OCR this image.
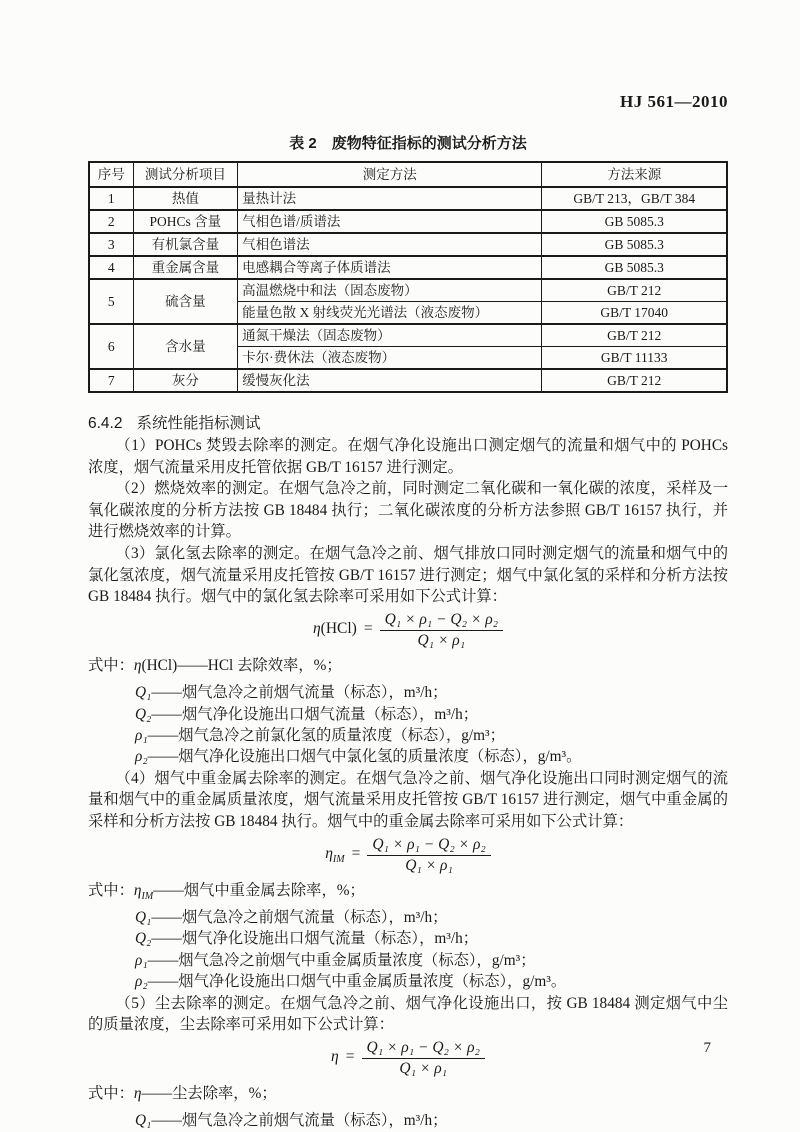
HJ 561—2010
表 2　废物特征指标的测试分析方法
序号	测试分析项目	测定方法	方法来源
1	热值	量热计法	GB/T 213，GB/T 384
2	POHCs 含量	气相色谱/质谱法	GB 5085.3
3	有机氯含量	气相色谱法	GB 5085.3
4	重金属含量	电感耦合等离子体质谱法	GB 5085.3
5	硫含量	高温燃烧中和法（固态废物）	GB/T 212
		能量色散 X 射线荧光光谱法（液态废物）	GB/T 17040
6	含水量	通氮干燥法（固态废物）	GB/T 212
		卡尔·费休法（液态废物）	GB/T 11133
7	灰分	缓慢灰化法	GB/T 212
6.4.2 系统性能指标测试

（1）POHCs 焚毁去除率的测定。在烟气净化设施出口测定烟气的流量和烟气中的 POHCs 浓度，烟气流量采用皮托管依据 GB/T 16157 进行测定。

（2）燃烧效率的测定。在烟气急冷之前，同时测定二氧化碳和一氧化碳的浓度，采样及一氧化碳浓度的分析方法按 GB 18484 执行；二氧化碳浓度的分析方法参照 GB/T 16157 执行，并进行燃烧效率的计算。

（3）氯化氢去除率的测定。在烟气急冷之前、烟气排放口同时测定烟气的流量和烟气中的氯化氢浓度，烟气流量采用皮托管按 GB/T 16157 进行测定；烟气中氯化氢的采样和分析方法按 GB 18484 执行。烟气中的氯化氢去除率可采用如下公式计算：

$\eta(HCl) = \frac{\text{Q₁ × ρ₁ − Q₂ × ρ₂}}{\text{Q₁ × ρ₁}}$
式中：η(HCl)——HCl 去除效率，%；
Q₁——烟气急冷之前烟气流量（标态），m³/h；
Q₂——烟气净化设施出口烟气流量（标态），m³/h；
ρ₁——烟气急冷之前氯化氢的质量浓度（标态），g/m³；
ρ₂——烟气净化设施出口烟气中氯化氢的质量浓度（标态），g/m³。

（4）烟气中重金属去除率的测定。在烟气急冷之前、烟气净化设施出口同时测定烟气的流量和烟气中的重金属质量浓度，烟气流量采用皮托管按 GB/T 16157 进行测定，烟气中重金属的采样和分析方法按 GB 18484 执行。烟气中的重金属去除率可采用如下公式计算：

$\eta_{IM} = \frac{\text{Q₁ × ρ₁ − Q₂ × ρ₂}}{\text{Q₁ × ρ₁}}$
式中：$\eta_{IM}——$烟气中重金属去除率，%；
Q₁——烟气急冷之前烟气流量（标态），m³/h；
Q₂——烟气净化设施出口烟气流量（标态），m³/h；
ρ₁——烟气急冷之前烟气中重金属质量浓度（标态），g/m³；
ρ₂——烟气净化设施出口烟气中重金属质量浓度（标态），g/m³。

（5）尘去除率的测定。在烟气急冷之前、烟气净化设施出口，按 GB 18484 测定烟气中尘的质量浓度，尘去除率可采用如下公式计算：

$\eta = \frac{\text{Q₁ × ρ₁ − Q₂ × ρ₂}}{\text{Q₁ × ρ₁}}$
式中：η——尘去除率，%；
Q₁——烟气急冷之前烟气流量（标态），m³/h；
7
